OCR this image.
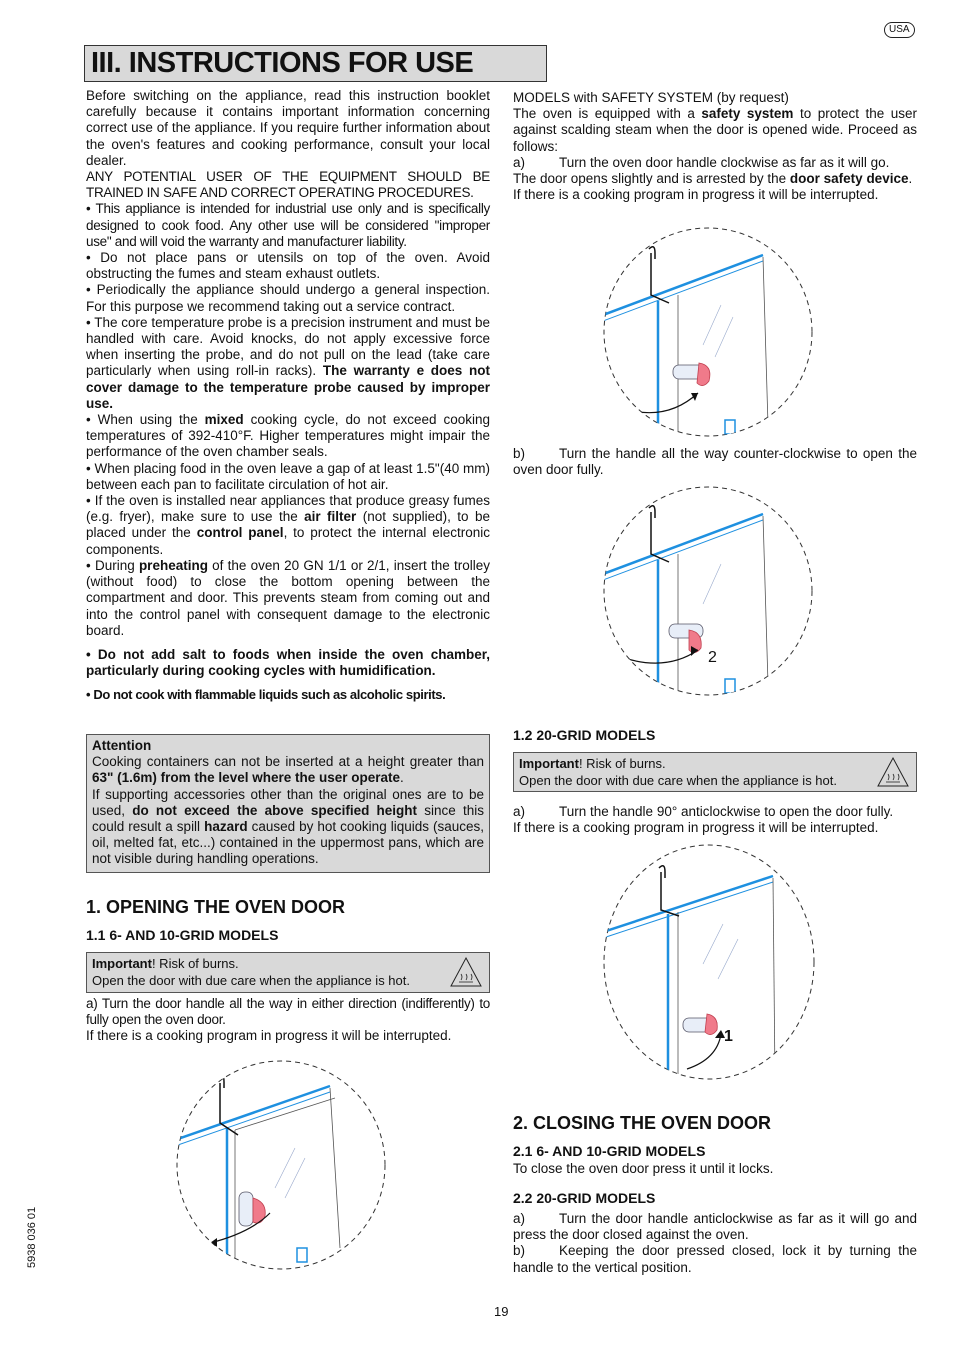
USA
III. INSTRUCTIONS FOR USE

Before switching on the appliance, read this instruction booklet carefully because it contains important information concerning correct use of the appliance. If you require further information about the oven's features and cooking performance, consult your local dealer.

ANY POTENTIAL USER OF THE EQUIPMENT SHOULD BE TRAINED IN SAFE AND CORRECT OPERATING PROCEDURES.

• This appliance is intended for industrial use only and is specifically designed to cook food. Any other use will be considered "improper use" and will void the warranty and manufacturer liability.

• Do not place pans or utensils on top of the oven. Avoid obstructing the fumes and steam exhaust outlets.

• Periodically the appliance should undergo a general inspection. For this purpose we recommend taking out a service contract.

• The core temperature probe is a precision instrument and must be handled with care. Avoid knocks, do not apply excessive force when inserting the probe, and do not pull on the lead (take care particularly when using roll-in racks). The warranty e does not cover damage to the temperature probe caused by improper use.

• When using the mixed cooking cycle, do not exceed cooking temperatures of 392-410°F. Higher temperatures might impair the performance of the oven chamber seals.

• When placing food in the oven leave a gap of at least 1.5"(40 mm) between each pan to facilitate circulation of hot air.

• If the oven is installed near appliances that produce greasy fumes (e.g. fryer), make sure to use the air filter (not supplied), to be placed under the control panel, to protect the internal electronic components.

• During preheating of the oven 20 GN 1/1 or 2/1, insert the trolley (without food) to close the bottom opening between the compartment and door. This prevents steam from coming out and into the control panel with consequent damage to the electronic board.

• Do not add salt to foods when inside the oven chamber, particularly during cooking cycles with humidification.

• Do not cook with flammable liquids such as alcoholic spirits.

Attention

Cooking containers can not be inserted at a height greater than 63" (1.6m) from the level where the user operate.

If supporting accessories other than the original ones are to be used, do not exceed the above specified height since this could result a spill hazard caused by hot cooking liquids (sauces, oil, melted fat, etc...) contained in the uppermost pans, which are not visible during handling operations.

1. OPENING THE OVEN DOOR
1.1 6- AND 10-GRID MODELS

Important! Risk of burns.

Open the door with due care when the appliance is hot.

a) Turn the door handle all the way in either direction (indifferently) to fully open the oven door.

If there is a cooking program in progress it will be interrupted.

MODELS with SAFETY SYSTEM (by request)

The oven is equipped with a safety system to protect the user against scalding steam when the door is opened wide. Proceed as follows:

a)	Turn the oven door handle clockwise as far as it will go.

The door opens slightly and is arrested by the door safety device.

If there is a cooking program in progress it will be interrupted.

b)	Turn the handle all the way counter-clockwise to open the oven door fully.

2
1.2 20-GRID MODELS

Important! Risk of burns.

Open the door with due care when the appliance is hot.

a)	Turn the handle 90° anticlockwise to open the door fully.

If there is a cooking program in progress it will be interrupted.

1
2. CLOSING THE OVEN DOOR
2.1 6- AND 10-GRID MODELS

To close the oven door press it until it locks.

2.2 20-GRID MODELS

a)	Turn the door handle anticlockwise as far as it will go and press the door closed against the oven.

b)	Keeping the door pressed closed, lock it by turning the handle to the vertical position.

5938 036 01
19
